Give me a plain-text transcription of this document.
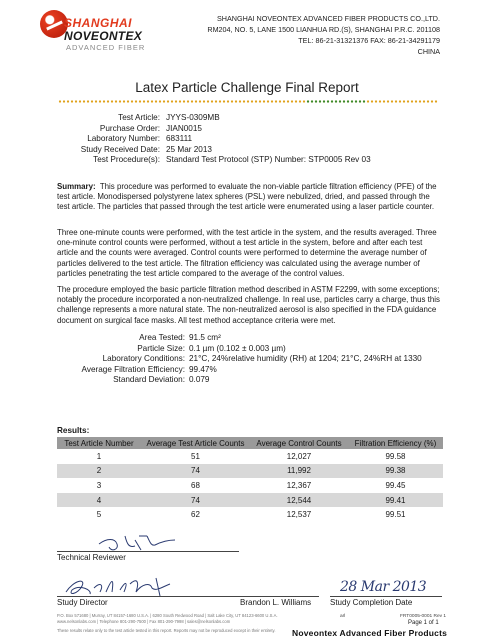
SHANGHAI
NOVEONTEX
ADVANCED FIBER
SHANGHAI NOVEONTEX ADVANCED FIBER PRODUCTS CO.,LTD.
RM204, NO. 5, LANE 1500 LIANHUA RD.(S), SHANGHAI P.R.C. 201108
TEL: 86-21-31321376 FAX: 86-21-34291179
CHINA
Latex Particle Challenge Final Report
Test Article: JYYS-0309MB
Purchase Order: JIAN0015
Laboratory Number: 683111
Study Received Date: 25 Mar 2013
Test Procedure(s): Standard Test Protocol (STP) Number: STP0005 Rev 03
Summary: This procedure was performed to evaluate the non-viable particle filtration efficiency (PFE) of the test article. Monodispersed polystyrene latex spheres (PSL) were nebulized, dried, and passed through the test article. The particles that passed through the test article were enumerated using a laser particle counter.
Three one-minute counts were performed, with the test article in the system, and the results averaged. Three one-minute control counts were performed, without a test article in the system, before and after each test article and the counts were averaged. Control counts were performed to determine the average number of particles delivered to the test article. The filtration efficiency was calculated using the average number of particles penetrating the test article compared to the average of the control values.
The procedure employed the basic particle filtration method described in ASTM F2299, with some exceptions; notably the procedure incorporated a non-neutralized challenge. In real use, particles carry a charge, thus this challenge represents a more natural state. The non-neutralized aerosol is also specified in the FDA guidance document on surgical face masks. All test method acceptance criteria were met.
Area Tested: 91.5 cm²
Particle Size: 0.1 µm (0.102 ± 0.003 µm)
Laboratory Conditions: 21°C, 24%relative humidity (RH) at 1204; 21°C, 24%RH at 1330
Average Filtration Efficiency: 99.47%
Standard Deviation: 0.079
Results:
Test Article Number	Average Test Article Counts	Average Control Counts	Filtration Efficiency (%)
1	51	12,027	99.58
2	74	11,992	99.38
3	68	12,367	99.45
4	74	12,544	99.41
5	62	12,537	99.51
Technical Reviewer
Study Director	Brandon L. Williams
28 Mar 2013
Study Completion Date
P.O. Box 571680 | Murray, UT 84157-1680 U.S.A. | 6280 South Redwood Road | Salt Lake City, UT 84123-6600 U.S.A.
www.nelsonlabs.com | Telephone 801-290-7500 | Fax 801-290-7998 | sales@nelsonlabs.com
arl	FRT0005-0001 Rev 1
Page 1 of 1
These results relate only to the test article tested in this report. Reports may not be reproduced except in their entirety. Noveontex Advanced Fiber Products
